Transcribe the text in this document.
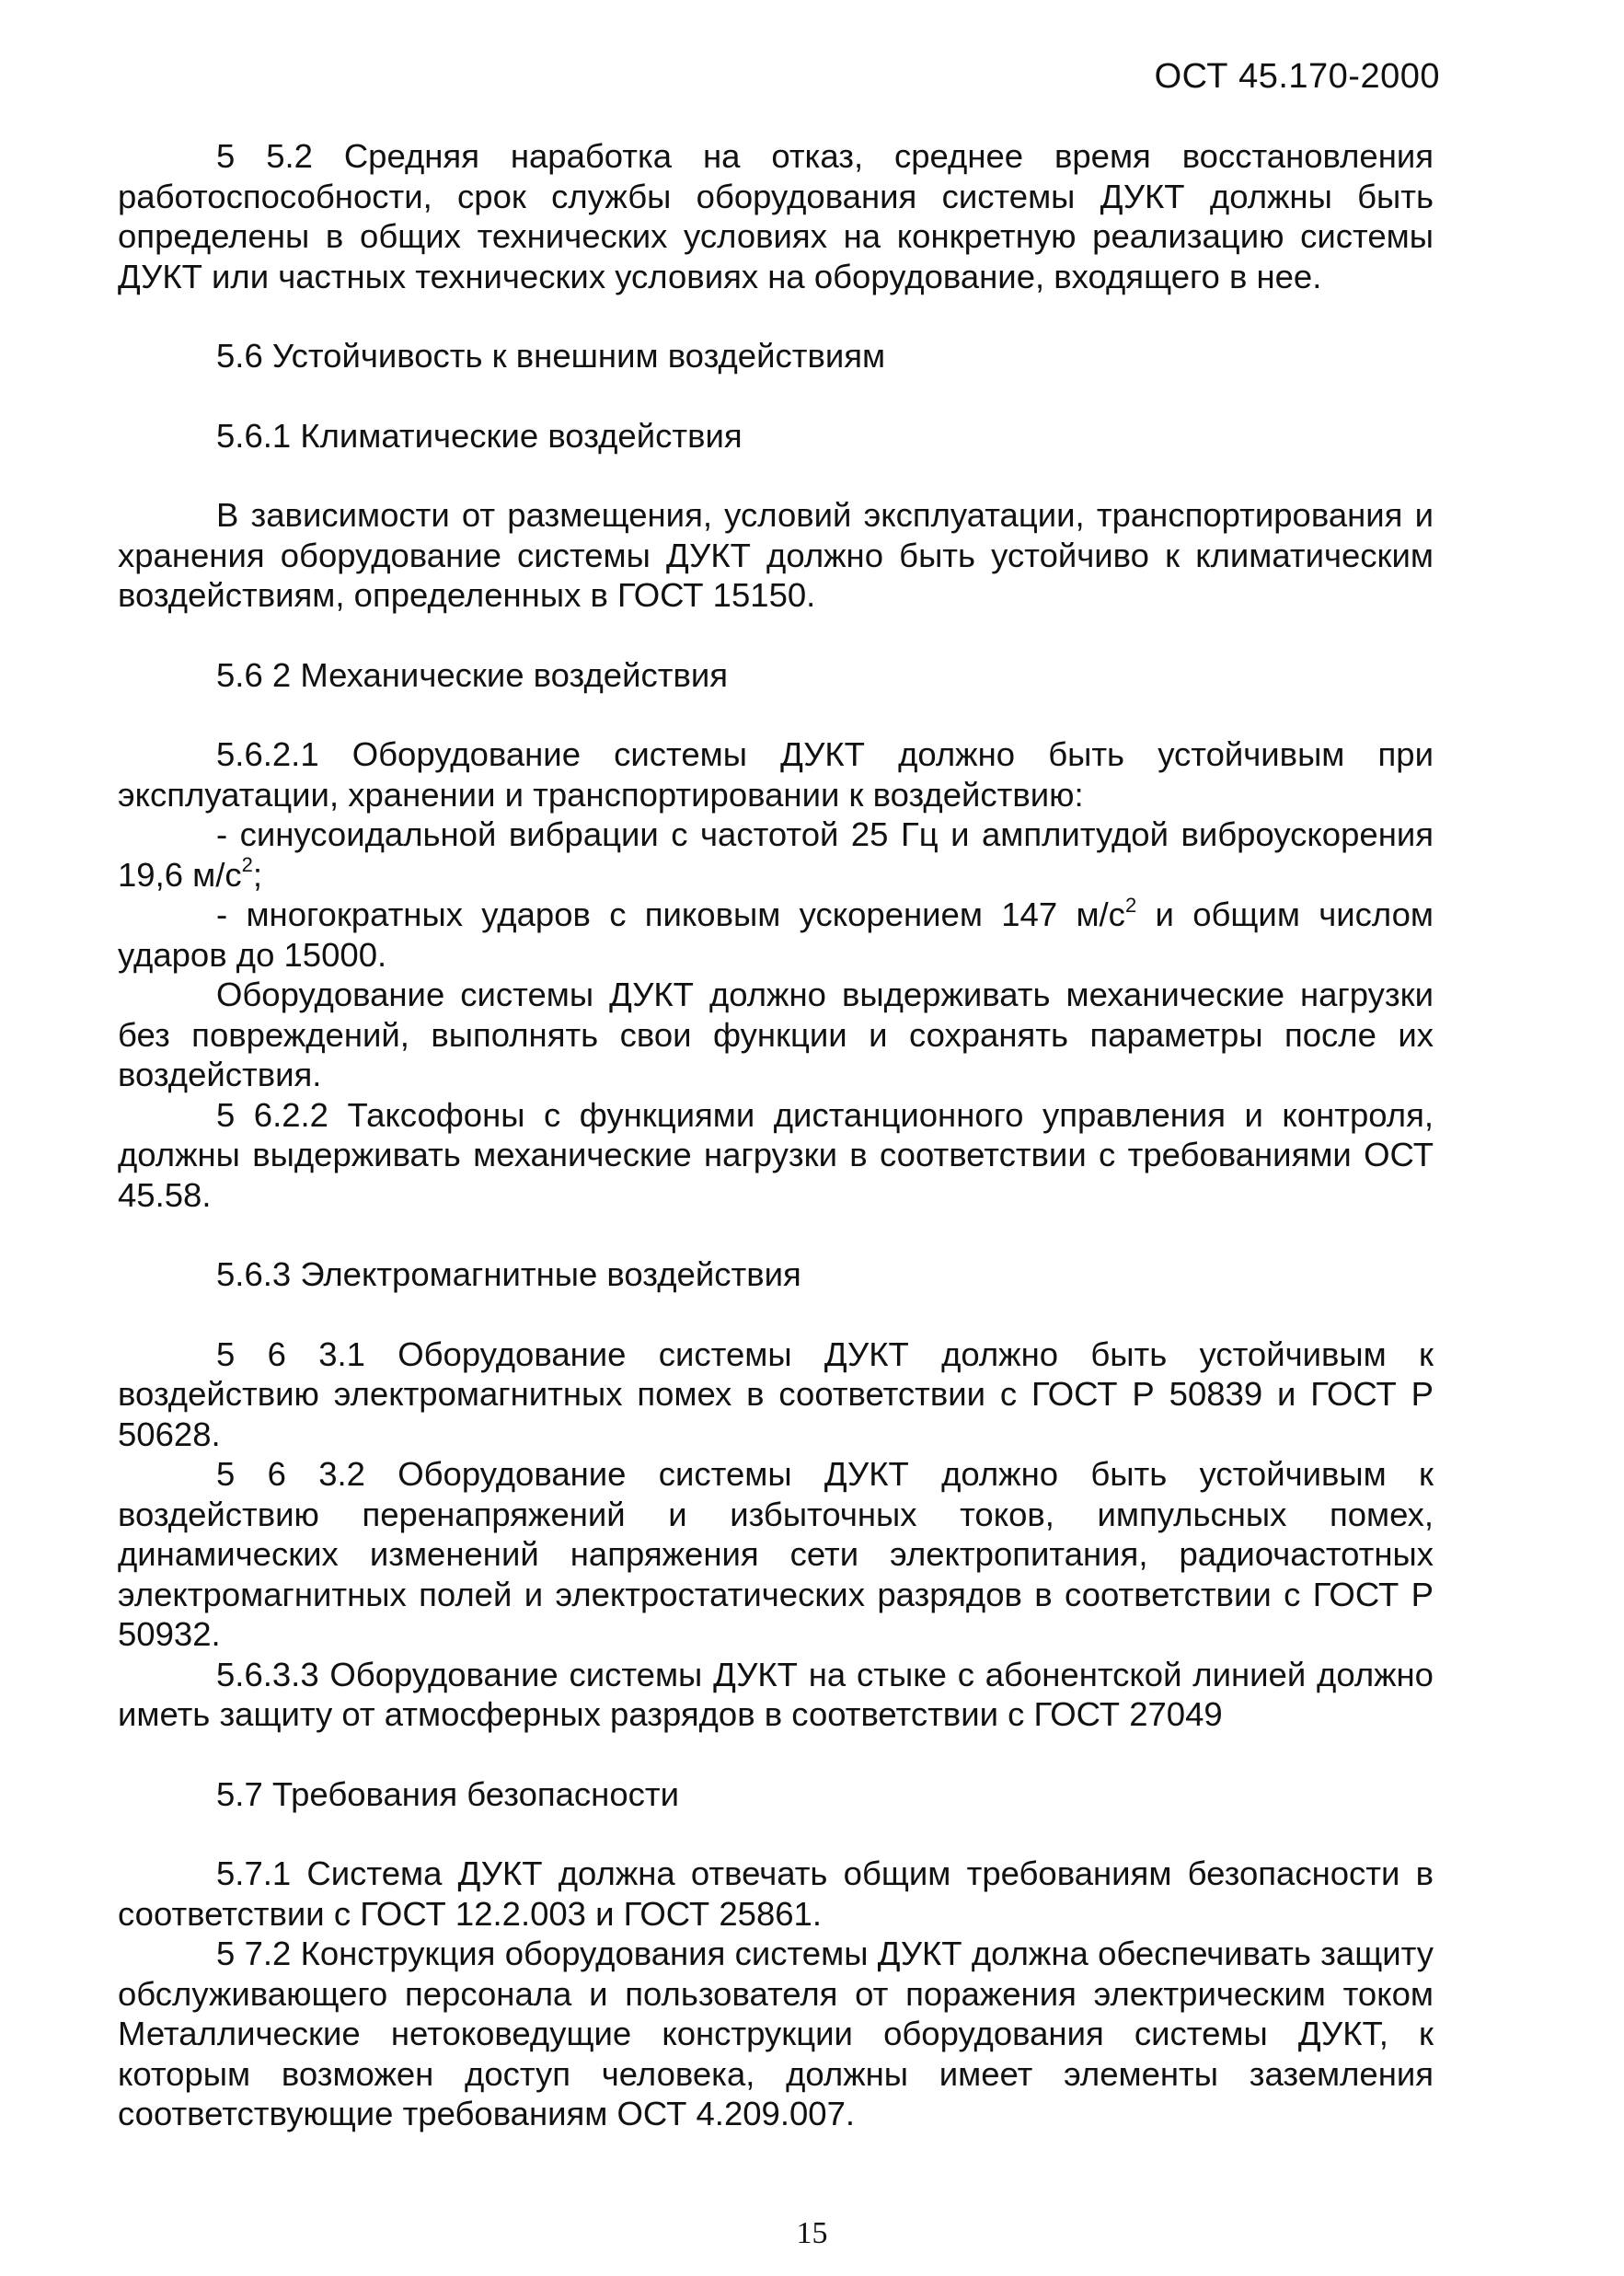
ОСТ 45.170-2000

5 5.2 Средняя наработка на отказ, среднее время восстановления работоспособности, срок службы оборудования системы ДУКТ должны быть определены в общих технических условиях на конкретную реализацию системы ДУКТ или частных технических условиях на оборудование, входящего в нее.

5.6 Устойчивость к внешним воздействиям

5.6.1 Климатические воздействия

В зависимости от размещения, условий эксплуатации, транспортирования и хранения оборудование системы ДУКТ должно быть устойчиво к климатическим воздействиям, определенных в ГОСТ 15150.

5.6 2 Механические воздействия

5.6.2.1 Оборудование системы ДУКТ должно быть устойчивым при эксплуатации, хранении и транспортировании к воздействию:

- синусоидальной вибрации с частотой 25 Гц и амплитудой виброускорения 19,6 $м/с^2$;

- многократных ударов с пиковым ускорением 147 $м/с^2$ и общим числом ударов до 15000.

Оборудование системы ДУКТ должно выдерживать механические нагрузки без повреждений, выполнять свои функции и сохранять параметры после их воздействия.

5 6.2.2 Таксофоны с функциями дистанционного управления и контроля, должны выдерживать механические нагрузки в соответствии с требованиями ОСТ 45.58.

5.6.3 Электромагнитные воздействия

5 6 3.1 Оборудование системы ДУКТ должно быть устойчивым к воздействию электромагнитных помех в соответствии с ГОСТ Р 50839 и ГОСТ Р 50628.

5 6 3.2 Оборудование системы ДУКТ должно быть устойчивым к воздействию перенапряжений и избыточных токов, импульсных помех, динамических изменений напряжения сети электропитания, радиочастотных электромагнитных полей и электростатических разрядов в соответствии с ГОСТ Р 50932.

5.6.3.3 Оборудование системы ДУКТ на стыке с абонентской линией должно иметь защиту от атмосферных разрядов в соответствии с ГОСТ 27049

5.7 Требования безопасности

5.7.1 Система ДУКТ должна отвечать общим требованиям безопасности в соответствии с ГОСТ 12.2.003 и ГОСТ 25861.

5 7.2 Конструкция оборудования системы ДУКТ должна обеспечивать защиту обслуживающего персонала и пользователя от поражения электрическим током Металлические нетоковедущие конструкции оборудования системы ДУКТ, к которым возможен доступ человека, должны имеет элементы заземления соответствующие требованиям ОСТ 4.209.007.

15
